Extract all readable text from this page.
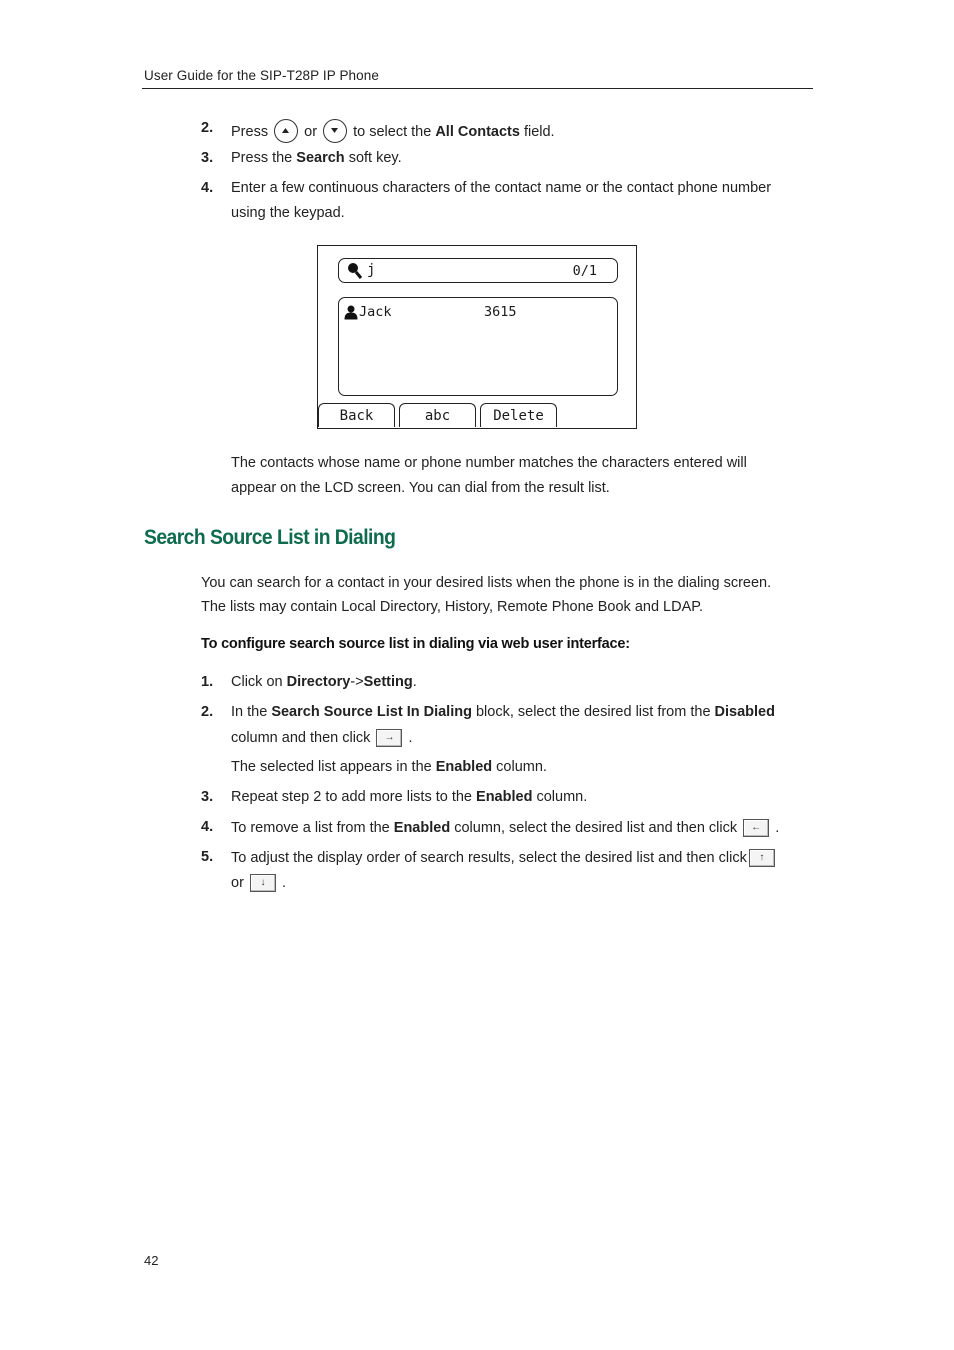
User Guide for the SIP-T28P IP Phone
2. Press or to select the All Contacts field.
3. Press the Search soft key.
4. Enter a few continuous characters of the contact name or the contact phone number
using the keypad.
j	0/1
Jack	3615
Back	abc	Delete
The contacts whose name or phone number matches the characters entered will
appear on the LCD screen. You can dial from the result list.
Search Source List in Dialing
You can search for a contact in your desired lists when the phone is in the dialing screen.
The lists may contain Local Directory, History, Remote Phone Book and LDAP.
To configure search source list in dialing via web user interface:
1. Click on Directory->Setting.
2. In the Search Source List In Dialing block, select the desired list from the Disabled
column and then click → .
The selected list appears in the Enabled column.
3. Repeat step 2 to add more lists to the Enabled column.
4. To remove a list from the Enabled column, select the desired list and then click ← .
5. To adjust the display order of search results, select the desired list and then click ↑
or ↓ .
42
